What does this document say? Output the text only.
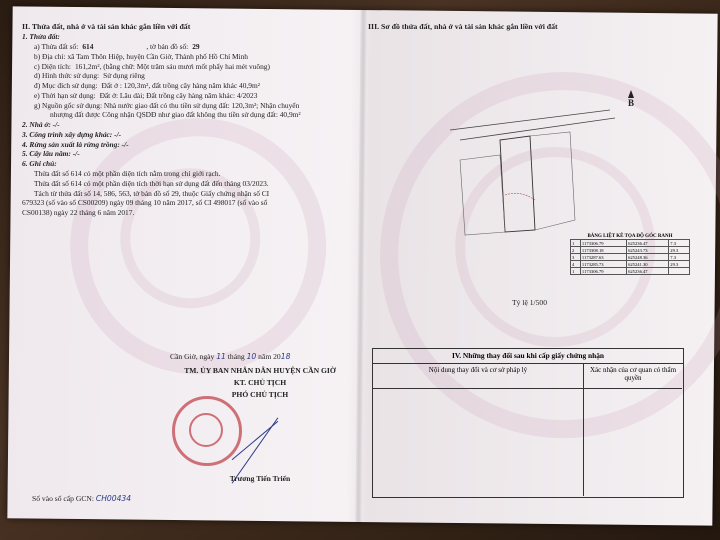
II. Thửa đất, nhà ở và tài sản khác gắn liền với đất
1. Thửa đất:
a) Thửa đất số: 614	, tờ bản đồ số: 29
b) Địa chỉ: xã Tam Thôn Hiệp, huyện Cần Giờ, Thành phố Hồ Chí Minh
c) Diện tích: 161,2m², (bằng chữ: Một trăm sáu mươi mốt phẩy hai mét vuông)
d) Hình thức sử dụng: Sử dụng riêng
đ) Mục đích sử dụng: Đất ở : 120,3m², đất trồng cây hàng năm khác 40,9m²
e) Thời hạn sử dụng: Đất ở: Lâu dài; Đất trồng cây hàng năm khác: 4/2023
g) Nguồn gốc sử dụng: Nhà nước giao đất có thu tiền sử dụng đất: 120,3m²; Nhận chuyển
nhượng đất được Công nhận QSDĐ như giao đất không thu tiền sử dụng đất: 40,9m²
2. Nhà ở: -/-
3. Công trình xây dựng khác: -/-
4. Rừng sản xuất là rừng trồng: -/-
5. Cây lâu năm: -/-
6. Ghi chú:
Thửa đất số 614 có một phần diện tích nằm trong chỉ giới rạch.
Thửa đất số 614 có một phần diện tích thời hạn sử dụng đất đến tháng 03/2023.
Tách từ thửa đất số 14, 586, 563, tờ bản đồ số 29, thuộc Giấy chứng nhận số CI
679323 (số vào sổ CS00209) ngày 09 tháng 10 năm 2017, số CI 498017 (số vào sổ
CS00138) ngày 22 tháng 6 năm 2017.
Cần Giờ, ngày 11 tháng 10 năm 2018
TM. ỦY BAN NHÂN DÂN HUYỆN CẦN GIỜ
KT. CHỦ TỊCH
PHÓ CHỦ TỊCH
Trương Tiến Triển
Số vào sổ cấp GCN: CH00434
III. Sơ đồ thửa đất, nhà ở và tài sản khác gắn liền với đất
B
BẢNG LIỆT KÊ TỌA ĐỘ GÓC RANH
1	1173306.79	625236.47	7.3
2	1173308.18	625243.73	29.3
3	1173287.63	625248.36	7.3
4	1173285.73	625241.30	29.3
1	1173306.79	625236.47	
Tỷ lệ 1/500
IV. Những thay đổi sau khi cấp giấy chứng nhận
Nội dung thay đổi và cơ sở pháp lý	Xác nhận của cơ quan có thẩm quyền
